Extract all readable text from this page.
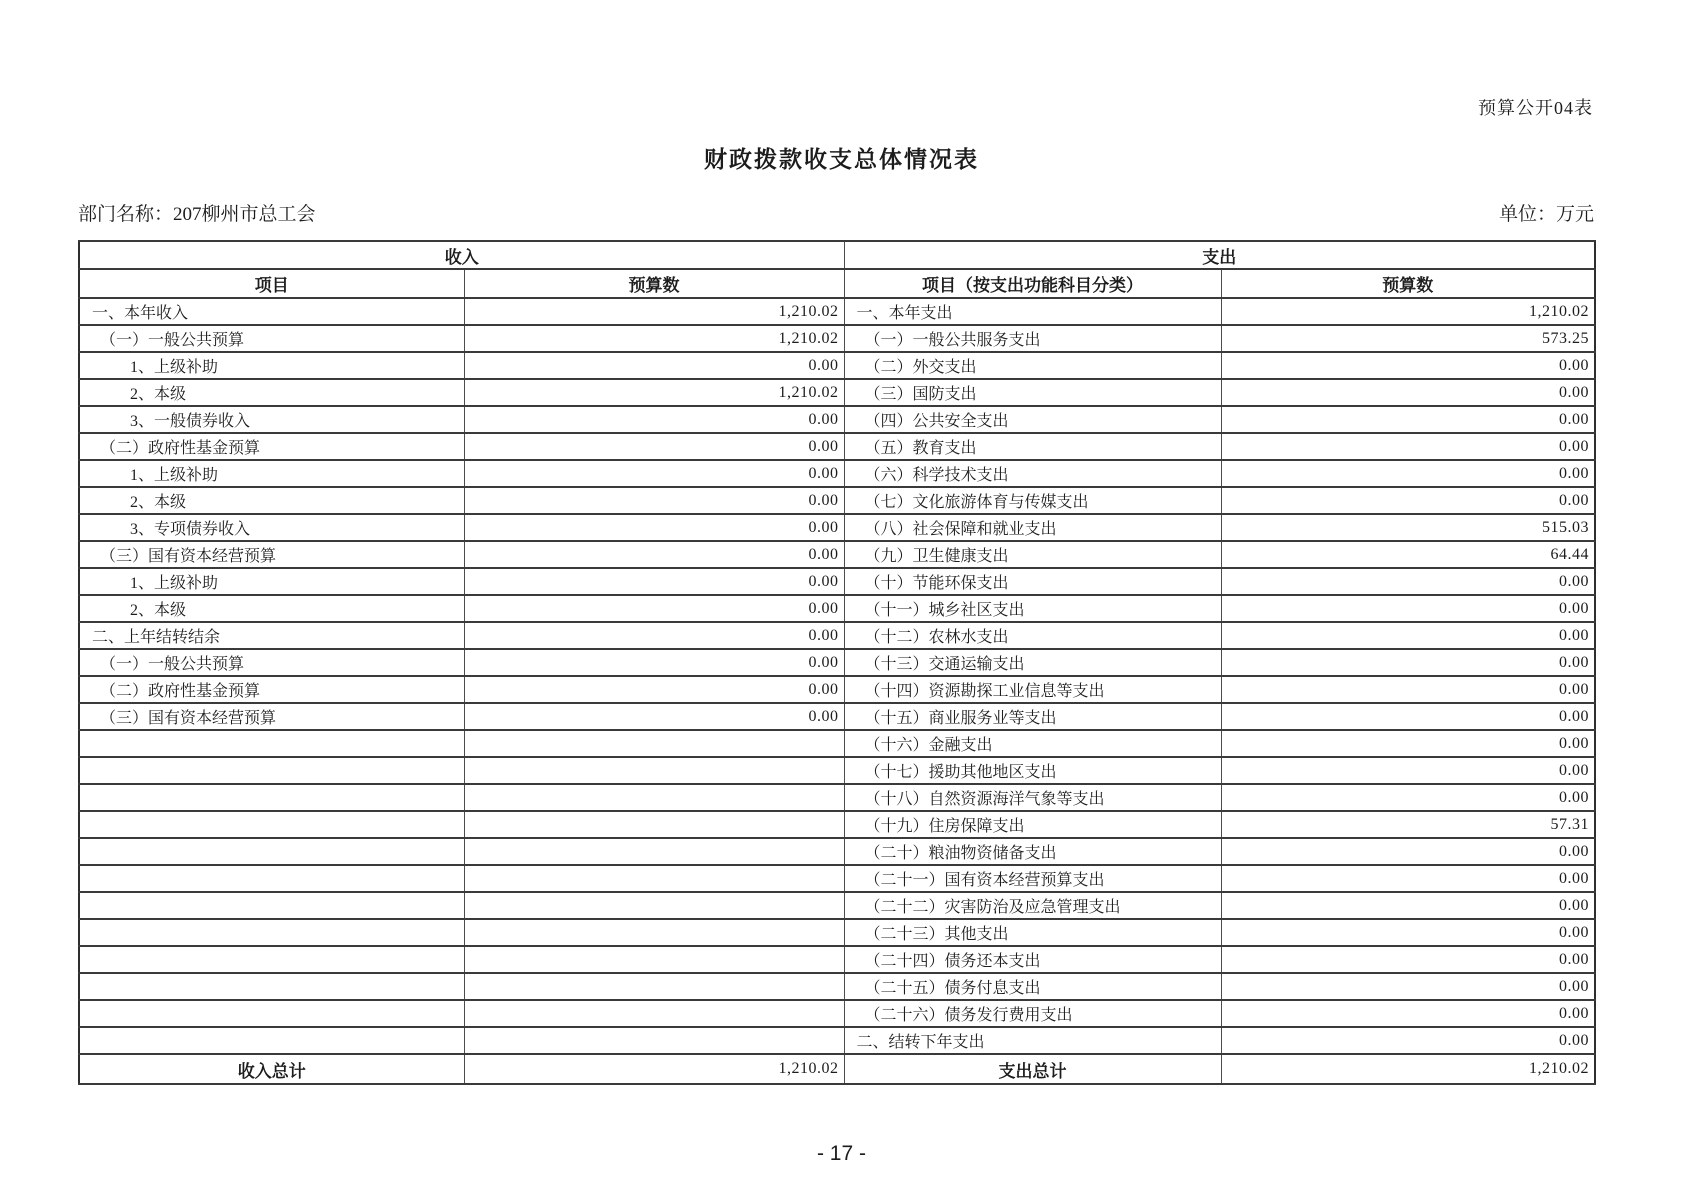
预算公开04表
财政拨款收支总体情况表
部门名称：207柳州市总工会	单位：万元
收入		支出	
项目	预算数	项目（按支出功能科目分类）	预算数
一、本年收入	1,210.02	一、本年支出	1,210.02
（一）一般公共预算	1,210.02	（一）一般公共服务支出	573.25
1、上级补助	0.00	（二）外交支出	0.00
2、本级	1,210.02	（三）国防支出	0.00
3、一般债券收入	0.00	（四）公共安全支出	0.00
（二）政府性基金预算	0.00	（五）教育支出	0.00
1、上级补助	0.00	（六）科学技术支出	0.00
2、本级	0.00	（七）文化旅游体育与传媒支出	0.00
3、专项债券收入	0.00	（八）社会保障和就业支出	515.03
（三）国有资本经营预算	0.00	（九）卫生健康支出	64.44
1、上级补助	0.00	（十）节能环保支出	0.00
2、本级	0.00	（十一）城乡社区支出	0.00
二、上年结转结余	0.00	（十二）农林水支出	0.00
（一）一般公共预算	0.00	（十三）交通运输支出	0.00
（二）政府性基金预算	0.00	（十四）资源勘探工业信息等支出	0.00
（三）国有资本经营预算	0.00	（十五）商业服务业等支出	0.00
		（十六）金融支出	0.00
		（十七）援助其他地区支出	0.00
		（十八）自然资源海洋气象等支出	0.00
		（十九）住房保障支出	57.31
		（二十）粮油物资储备支出	0.00
		（二十一）国有资本经营预算支出	0.00
		（二十二）灾害防治及应急管理支出	0.00
		（二十三）其他支出	0.00
		（二十四）债务还本支出	0.00
		（二十五）债务付息支出	0.00
		（二十六）债务发行费用支出	0.00
		二、结转下年支出	0.00
收入总计	1,210.02	支出总计	1,210.02
- 17 -
